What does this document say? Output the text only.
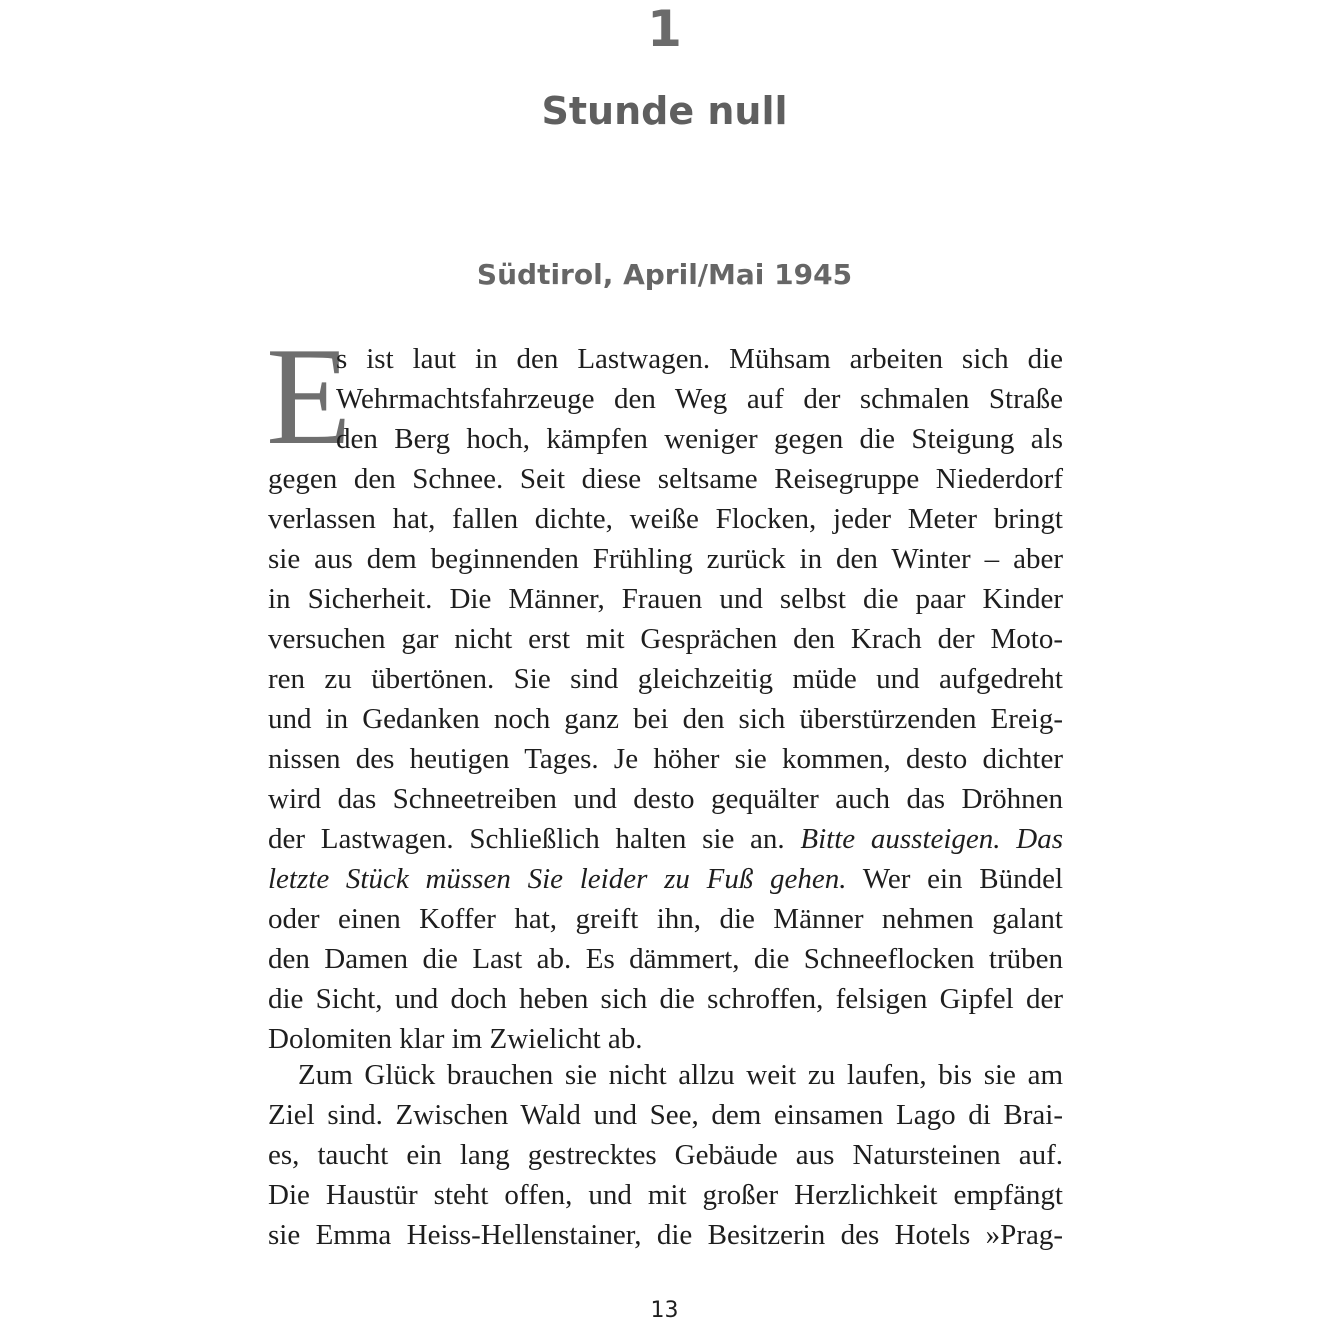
1
Stunde null
Südtirol, April/Mai 1945
E
s ist laut in den Lastwagen. Mühsam arbeiten sich die
Wehrmachtsfahrzeuge den Weg auf der schmalen Straße
den Berg hoch, kämpfen weniger gegen die Steigung als
gegen den Schnee. Seit diese seltsame Reisegruppe Niederdorf
verlassen hat, fallen dichte, weiße Flocken, jeder Meter bringt
sie aus dem beginnenden Frühling zurück in den Winter – aber
in Sicherheit. Die Männer, Frauen und selbst die paar Kinder
versuchen gar nicht erst mit Gesprächen den Krach der Moto-
ren zu übertönen. Sie sind gleichzeitig müde und aufgedreht
und in Gedanken noch ganz bei den sich überstürzenden Ereig-
nissen des heutigen Tages. Je höher sie kommen, desto dichter
wird das Schneetreiben und desto gequälter auch das Dröhnen
der Lastwagen. Schließlich halten sie an. Bitte aussteigen. Das
letzte Stück müssen Sie leider zu Fuß gehen. Wer ein Bündel
oder einen Koffer hat, greift ihn, die Männer nehmen galant
den Damen die Last ab. Es dämmert, die Schneeflocken trüben
die Sicht, und doch heben sich die schroffen, felsigen Gipfel der
Dolomiten klar im Zwielicht ab.
Zum Glück brauchen sie nicht allzu weit zu laufen, bis sie am
Ziel sind. Zwischen Wald und See, dem einsamen Lago di Brai-
es, taucht ein lang gestrecktes Gebäude aus Natursteinen auf.
Die Haustür steht offen, und mit großer Herzlichkeit empfängt
sie Emma Heiss-Hellenstainer, die Besitzerin des Hotels »Prag-
13
